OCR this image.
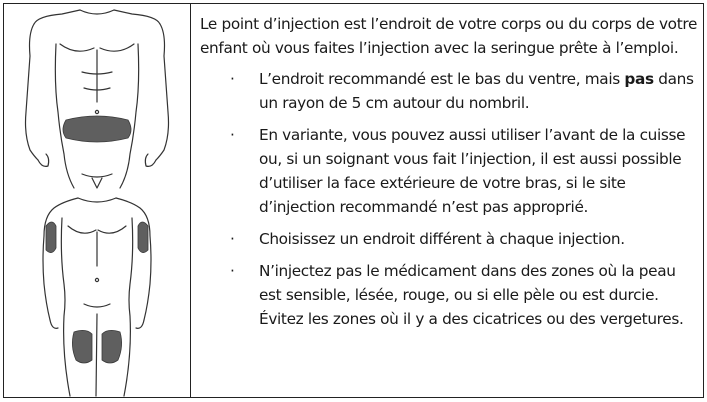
Le point d’injection est l’endroit de votre corps ou du corps de votre enfant où vous faites l’injection avec la seringue prête à l’emploi.

· L’endroit recommandé est le bas du ventre, mais pas dans un rayon de 5 cm autour du nombril.
· En variante, vous pouvez aussi utiliser l’avant de la cuisse ou, si un soignant vous fait l’injection, il est aussi possible d’utiliser la face extérieure de votre bras, si le site d’injection recommandé n’est pas approprié.
· Choisissez un endroit différent à chaque injection.
· N’injectez pas le médicament dans des zones où la peau est sensible, lésée, rouge, ou si elle pèle ou est durcie. Évitez les zones où il y a des cicatrices ou des vergetures.
